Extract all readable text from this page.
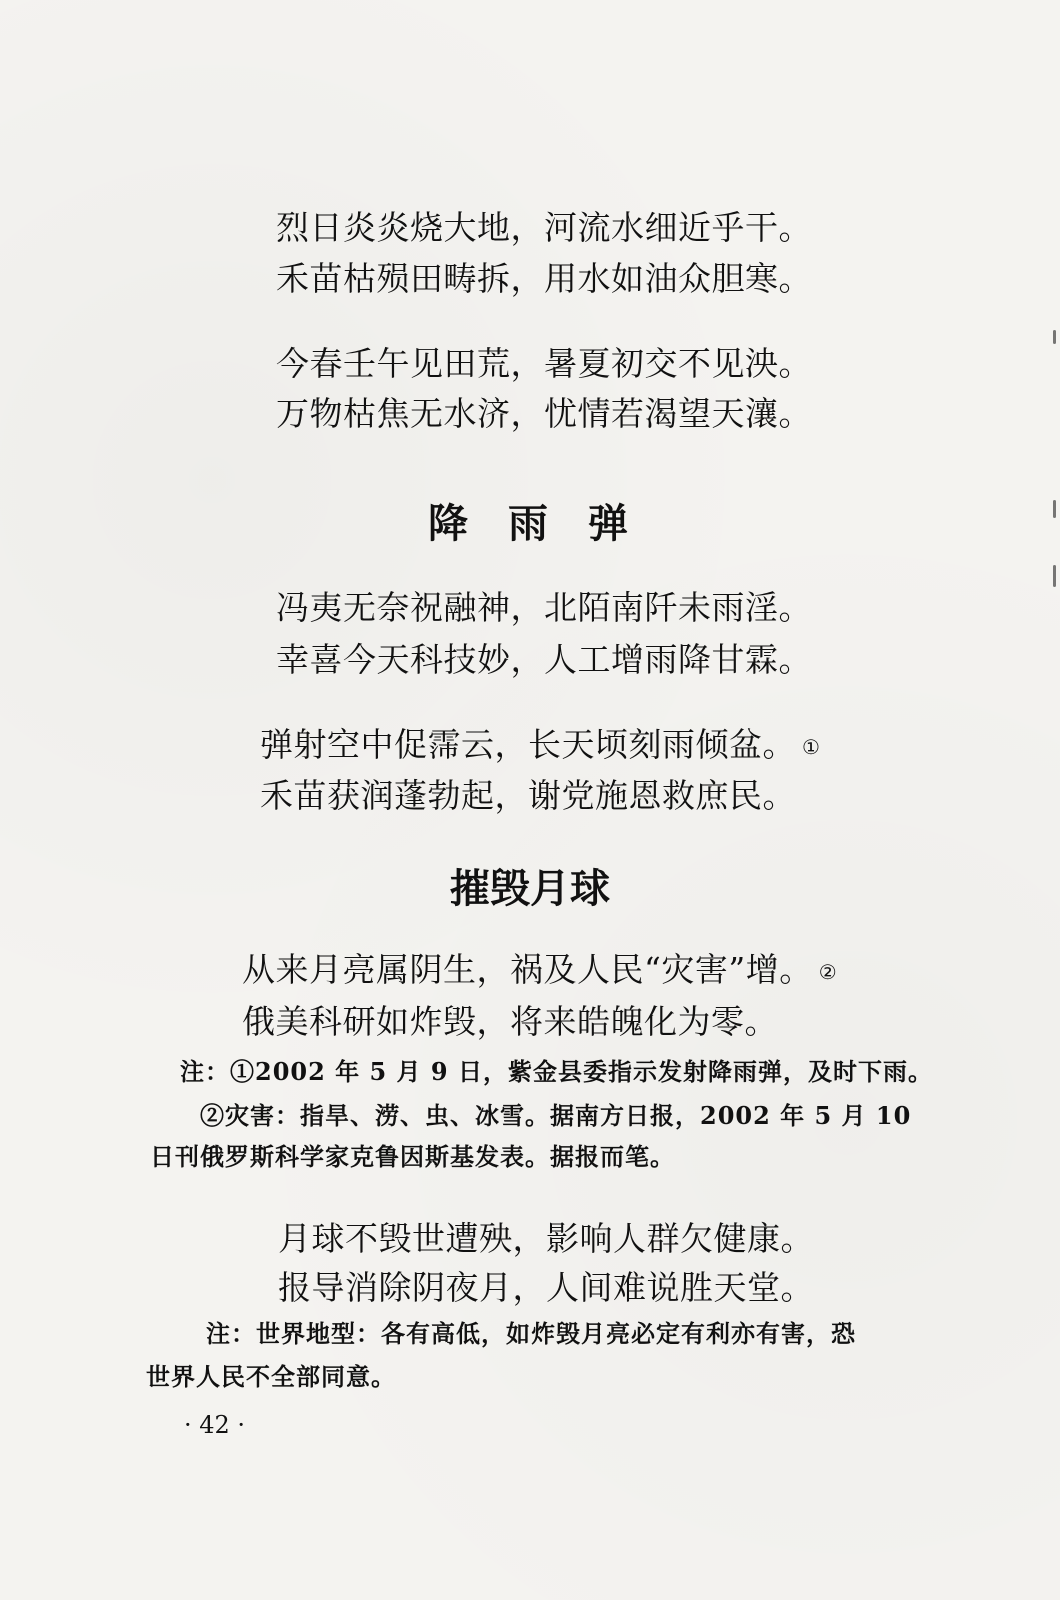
烈日炎炎烧大地，河流水细近乎干。
禾苗枯殒田畴拆，用水如油众胆寒。
今春壬午见田荒，暑夏初交不见泱。
万物枯焦无水济，忧情若渴望天瀼。
降　雨　弹
冯夷无奈祝融神，北陌南阡未雨淫。
幸喜今天科技妙，人工增雨降甘霖。
弹射空中促霈云，长天顷刻雨倾盆。 ①
禾苗获润蓬勃起，谢党施恩救庶民。
摧毁月球
从来月亮属阴生，祸及人民“灾害”增。 ②
俄美科研如炸毁，将来皓魄化为零。
注：①2002 年 5 月 9 日，紫金县委指示发射降雨弹，及时下雨。
②灾害：指旱、涝、虫、冰雪。据南方日报，2002 年 5 月 10
日刊俄罗斯科学家克鲁因斯基发表。据报而笔。
月球不毁世遭殃，影响人群欠健康。
报导消除阴夜月，人间难说胜天堂。
注：世界地型：各有高低，如炸毁月亮必定有利亦有害，恐
世界人民不全部同意。
· 42 ·
